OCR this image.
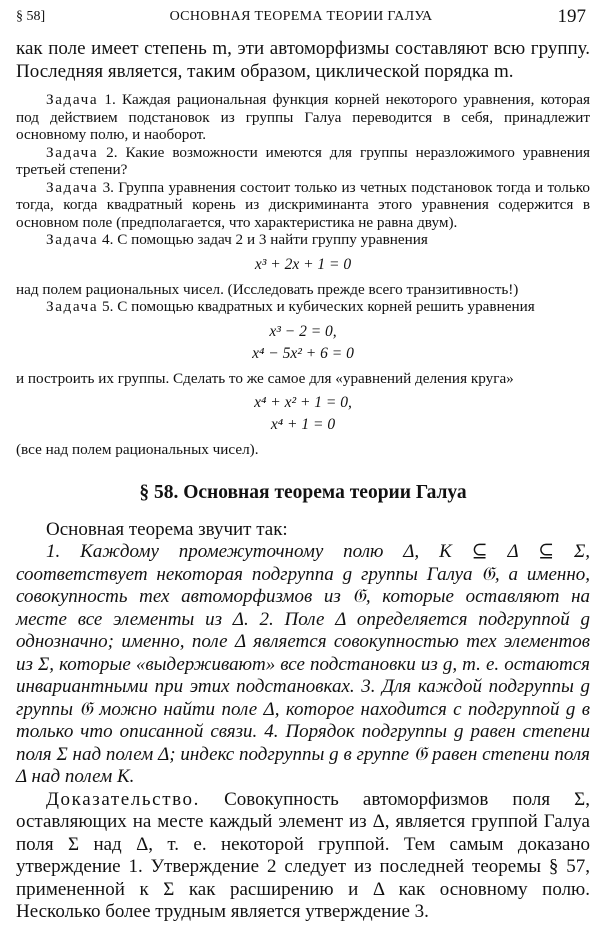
§ 58]	ОСНОВНАЯ ТЕОРЕМА ТЕОРИИ ГАЛУА	197

как поле имеет степень m, эти автоморфизмы составляют всю группу. Последняя является, таким образом, циклической порядка m.

Задача 1. Каждая рациональная функция корней некоторого уравнения, которая под действием подстановок из группы Галуа переводится в себя, принадлежит основному полю, и наоборот.

Задача 2. Какие возможности имеются для группы неразложимого уравнения третьей степени?

Задача 3. Группа уравнения состоит только из четных подстановок тогда и только тогда, когда квадратный корень из дискриминанта этого уравнения содержится в основном поле (предполагается, что характеристика не равна двум).

Задача 4. С помощью задач 2 и 3 найти группу уравнения

x³ + 2x + 1 = 0

над полем рациональных чисел. (Исследовать прежде всего транзитивность!)

Задача 5. С помощью квадратных и кубических корней решить уравнения

x³ − 2 = 0,
x⁴ − 5x² + 6 = 0

и построить их группы. Сделать то же самое для «уравнений деления круга»

x⁴ + x² + 1 = 0,
x⁴ + 1 = 0

(все над полем рациональных чисел).

§ 58. Основная теорема теории Галуа

Основная теорема звучит так:

1. Каждому промежуточному полю Δ, K ⊆ Δ ⊆ Σ, соответствует некоторая подгруппа g группы Галуа 𝔊, а именно, совокупность тех автоморфизмов из 𝔊, которые оставляют на месте все элементы из Δ. 2. Поле Δ определяется подгруппой g однозначно; именно, поле Δ является совокупностью тех элементов из Σ, которые «выдерживают» все подстановки из g, т. е. остаются инвариантными при этих подстановках. 3. Для каждой подгруппы g группы 𝔊 можно найти поле Δ, которое находится с подгруппой g в только что описанной связи. 4. Порядок подгруппы g равен степени поля Σ над полем Δ; индекс подгруппы g в группе 𝔊 равен степени поля Δ над полем K.

Доказательство. Совокупность автоморфизмов поля Σ, оставляющих на месте каждый элемент из Δ, является группой Галуа поля Σ над Δ, т. е. некоторой группой. Тем самым доказано утверждение 1. Утверждение 2 следует из последней теоремы § 57, примененной к Σ как расширению и Δ как основному полю. Несколько более трудным является утверждение 3.
